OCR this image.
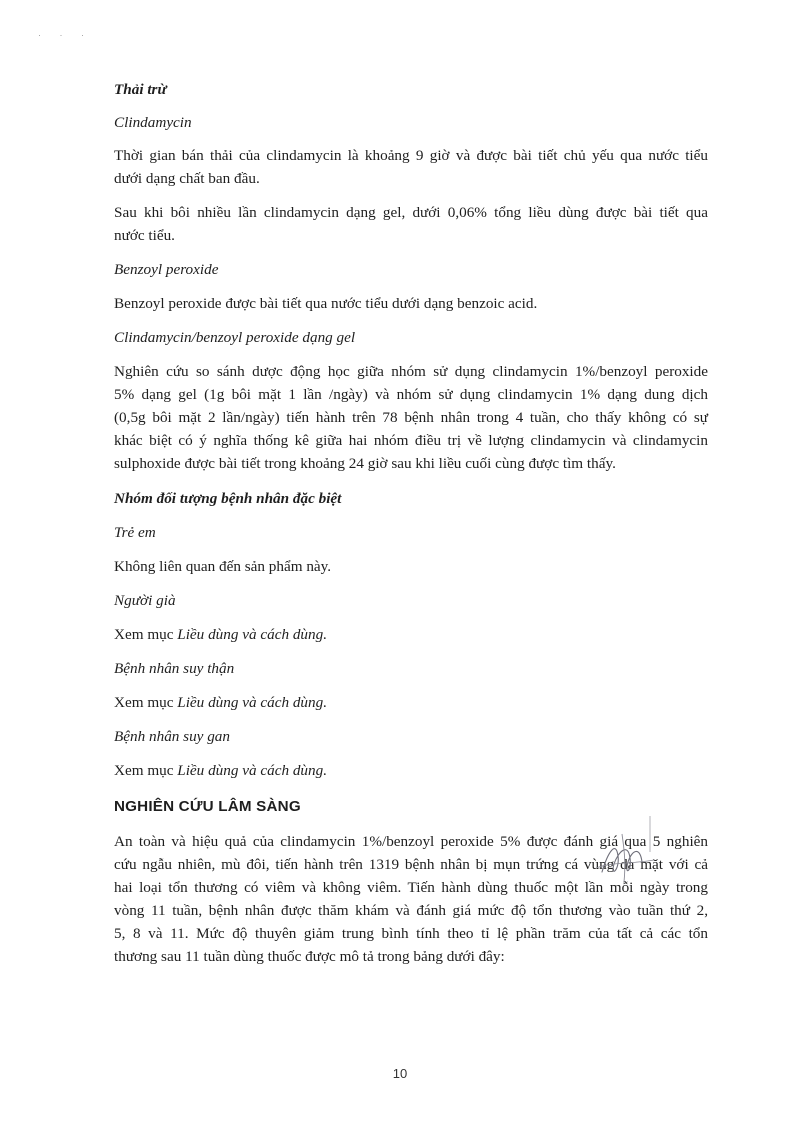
· · ·

Thải trừ

Clindamycin

Thời gian bán thải của clindamycin là khoảng 9 giờ và được bài tiết chủ yếu qua nước tiểu
dưới dạng chất ban đầu.
Sau khi bôi nhiều lần clindamycin dạng gel, dưới 0,06% tổng liều dùng được bài tiết qua
nước tiểu.

Benzoyl peroxide

Benzoyl peroxide được bài tiết qua nước tiểu dưới dạng benzoic acid.

Clindamycin/benzoyl peroxide dạng gel

Nghiên cứu so sánh dược động học giữa nhóm sử dụng clindamycin 1%/benzoyl peroxide
5% dạng gel (1g bôi mặt 1 lần /ngày) và nhóm sử dụng clindamycin 1% dạng dung dịch
(0,5g bôi mặt 2 lần/ngày) tiến hành trên 78 bệnh nhân trong 4 tuần, cho thấy không có sự
khác biệt có ý nghĩa thống kê giữa hai nhóm điều trị về lượng clindamycin và clindamycin
sulphoxide được bài tiết trong khoảng 24 giờ sau khi liều cuối cùng được tìm thấy.

Nhóm đối tượng bệnh nhân đặc biệt

Trẻ em

Không liên quan đến sản phẩm này.

Người già

Xem mục Liều dùng và cách dùng.

Bệnh nhân suy thận

Xem mục Liều dùng và cách dùng.

Bệnh nhân suy gan

Xem mục Liều dùng và cách dùng.

NGHIÊN CỨU LÂM SÀNG

An toàn và hiệu quả của clindamycin 1%/benzoyl peroxide 5% được đánh giá qua 5 nghiên
cứu ngẫu nhiên, mù đôi, tiến hành trên 1319 bệnh nhân bị mụn trứng cá vùng da mặt với cả
hai loại tổn thương có viêm và không viêm. Tiến hành dùng thuốc một lần mỗi ngày trong
vòng 11 tuần, bệnh nhân được thăm khám và đánh giá mức độ tổn thương vào tuần thứ 2,
5, 8 và 11. Mức độ thuyên giảm trung bình tính theo tỉ lệ phần trăm của tất cả các tổn
thương sau 11 tuần dùng thuốc được mô tả trong bảng dưới đây:
10
